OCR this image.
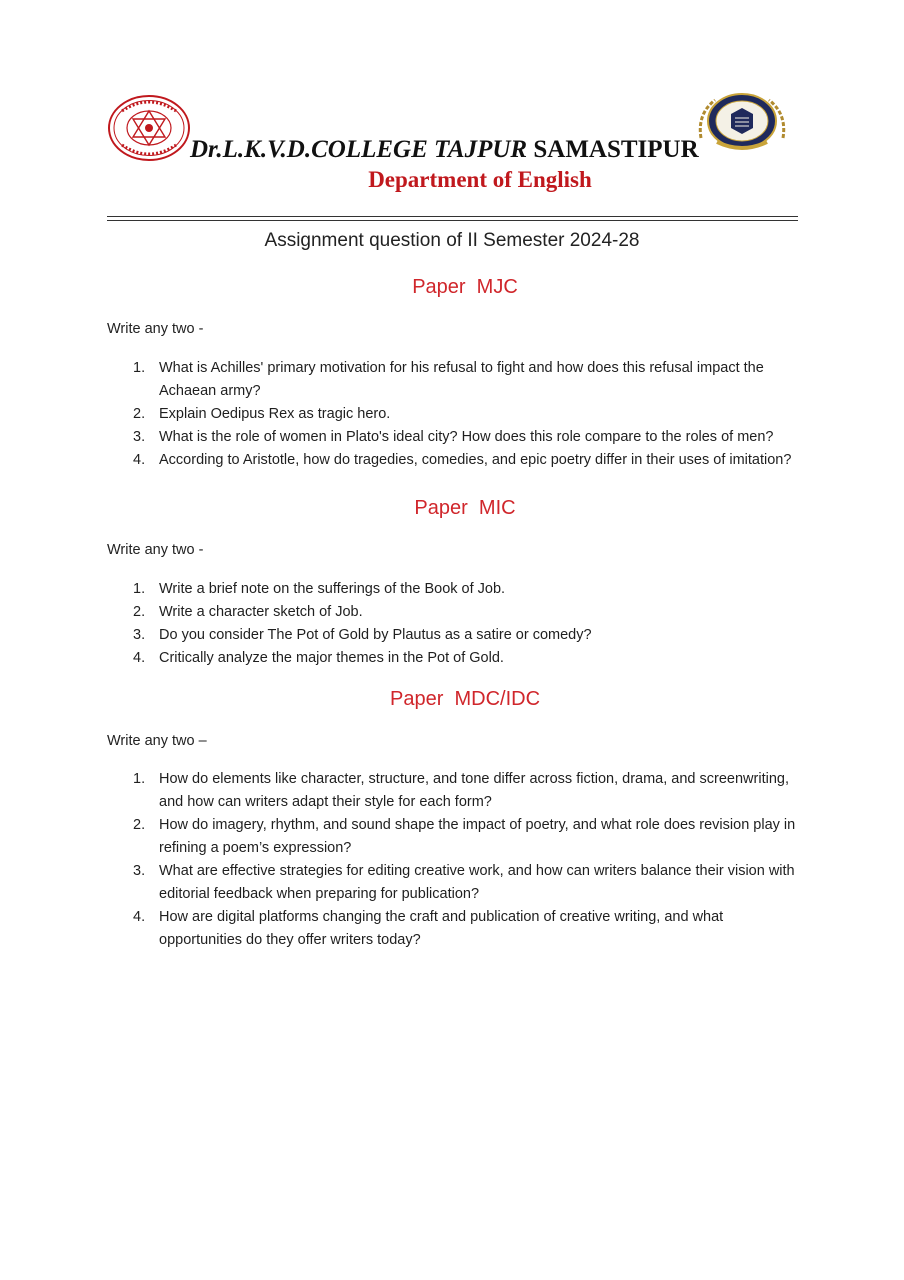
Dr.L.K.V.D.COLLEGE TAJPUR SAMASTIPUR
Department of English
Assignment question of II Semester 2024-28
Paper  MJC
Write any two -
1. What is Achilles' primary motivation for his refusal to fight and how does this refusal impact the Achaean army?
2. Explain Oedipus Rex as tragic hero.
3. What is the role of women in Plato's ideal city? How does this role compare to the roles of men?
4. According to Aristotle, how do tragedies, comedies, and epic poetry differ in their uses of imitation?
Paper  MIC
Write any two -
1. Write a brief note on the sufferings of the Book of Job.
2. Write a character sketch of Job.
3. Do you consider The Pot of Gold by Plautus as a satire or comedy?
4. Critically analyze the major themes in the Pot of Gold.
Paper  MDC/IDC
Write any two –
1. How do elements like character, structure, and tone differ across fiction, drama, and screenwriting, and how can writers adapt their style for each form?
2. How do imagery, rhythm, and sound shape the impact of poetry, and what role does revision play in refining a poem’s expression?
3. What are effective strategies for editing creative work, and how can writers balance their vision with editorial feedback when preparing for publication?
4. How are digital platforms changing the craft and publication of creative writing, and what opportunities do they offer writers today?
